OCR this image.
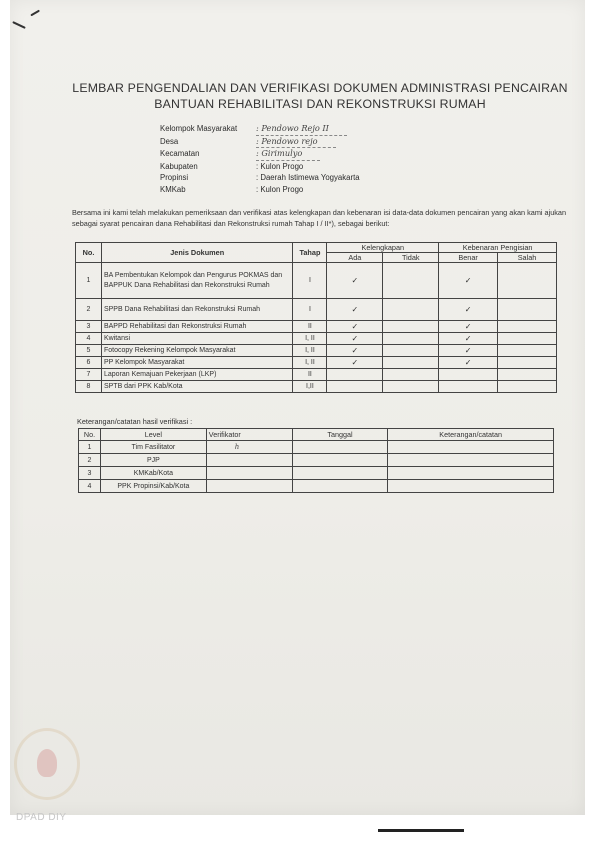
LEMBAR PENGENDALIAN DAN VERIFIKASI DOKUMEN ADMINISTRASI PENCAIRAN
BANTUAN REHABILITASI DAN REKONSTRUKSI RUMAH
Kelompok Masyarakat	: Pendowo Rejo II
Desa	: Pendowo rejo
Kecamatan	: Girimulyo
Kabupaten	: Kulon Progo
Propinsi	: Daerah Istimewa Yogyakarta
KMKab	: Kulon Progo
Bersama ini kami telah melakukan pemeriksaan dan verifikasi atas kelengkapan dan kebenaran isi data-data dokumen pencairan yang akan kami ajukan sebagai syarat pencairan dana Rehabilitasi dan Rekonstruksi rumah Tahap I / II*), sebagai berikut:
No.	Jenis Dokumen	Tahap	Kelengkapan		Kebenaran Pengisian	
			Ada	Tidak	Benar	Salah
1	BA Pembentukan Kelompok dan Pengurus POKMAS dan BAPPUK Dana Rehabilitasi dan Rekonstruksi Rumah	I	✓		✓	
2	SPPB Dana Rehabilitasi dan Rekonstruksi Rumah	I	✓		✓	
3	BAPPD Rehabilitasi dan Rekonstruksi Rumah	II	✓		✓	
4	Kwitansi	I, II	✓		✓	
5	Fotocopy Rekening Kelompok Masyarakat	I, II	✓		✓	
6	PP Kelompok Masyarakat	I, II	✓		✓	
7	Laporan Kemajuan Pekerjaan (LKP)	II				
8	SPTB dari PPK Kab/Kota	I,II				
Keterangan/catatan hasil verifikasi :
No.	Level	Verifikator	Tanggal	Keterangan/catatan
1	Tim Fasilitator	h		
2	PJP			
3	KMKab/Kota			
4	PPK Propinsi/Kab/Kota			
DPAD DIY
